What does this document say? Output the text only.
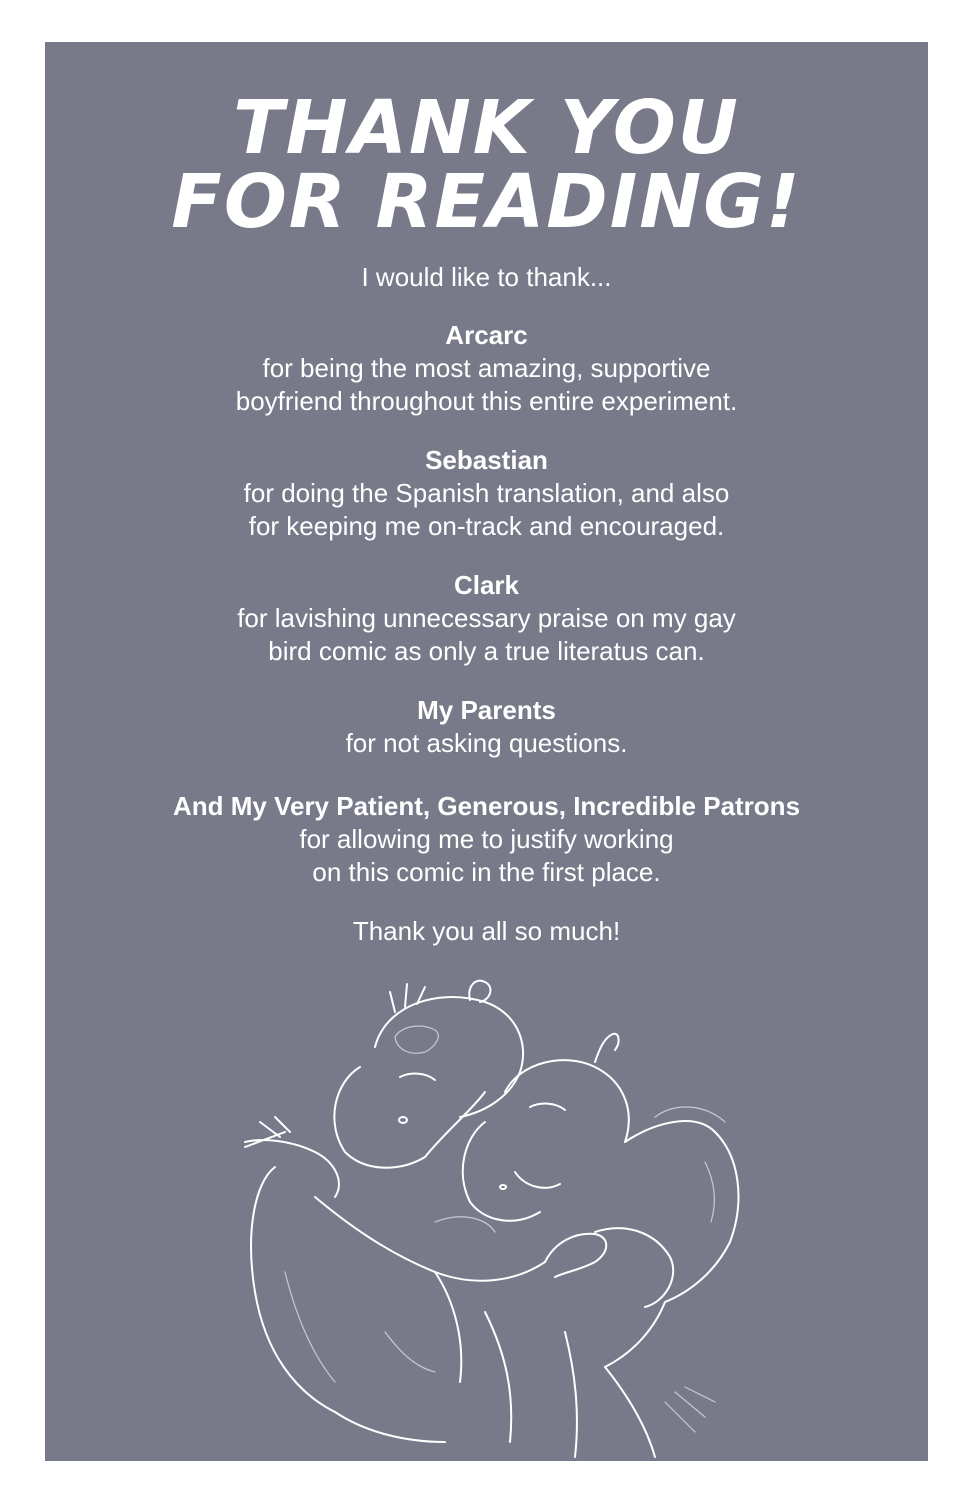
THANK YOU
FOR READING!
I would like to thank...
Arcarc
for being the most amazing, supportive
boyfriend throughout this entire experiment.
Sebastian
for doing the Spanish translation, and also
for keeping me on-track and encouraged.
Clark
for lavishing unnecessary praise on my gay
bird comic as only a true literatus can.
My Parents
for not asking questions.
And My Very Patient, Generous, Incredible Patrons
for allowing me to justify working
on this comic in the first place.
Thank you all so much!
